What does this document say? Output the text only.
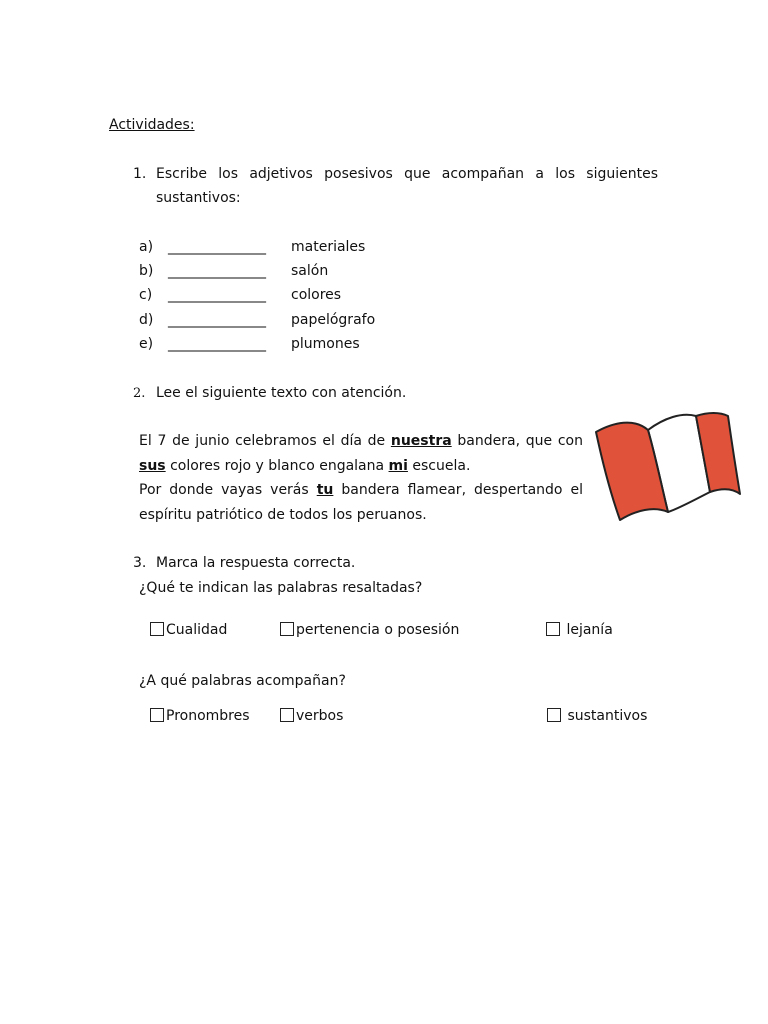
Actividades:
1. Escribe los adjetivos posesivos que acompañan a los siguientes
sustantivos:
a) ______________ materiales
b) ______________ salón
c) ______________ colores
d) ______________ papelógrafo
e) ______________ plumones
2. Lee el siguiente texto con atención.
El 7 de junio celebramos el día de nuestra bandera, que con
sus colores rojo y blanco engalana mi escuela.
Por donde vayas verás tu bandera flamear, despertando el
espíritu patriótico de todos los peruanos.
3. Marca la respuesta correcta.
¿Qué te indican las palabras resaltadas?
Cualidad	pertenencia o posesión	lejanía
¿A qué palabras acompañan?
Pronombres	verbos	sustantivos
